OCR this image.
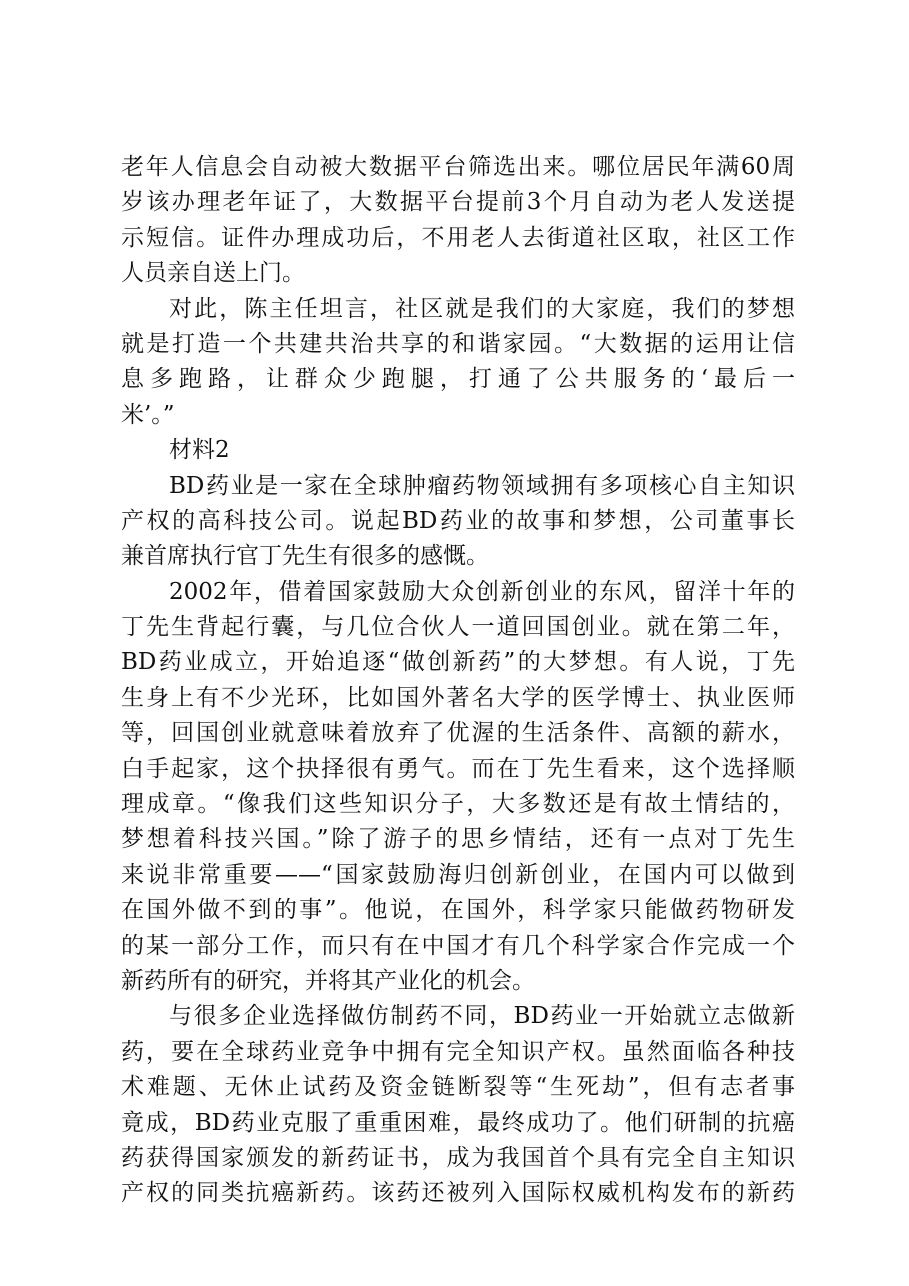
老年人信息会自动被大数据平台筛选出来。哪位居民年满60周
岁该办理老年证了，大数据平台提前3个月自动为老人发送提
示短信。证件办理成功后，不用老人去街道社区取，社区工作
人员亲自送上门。
对此，陈主任坦言，社区就是我们的大家庭，我们的梦想
就是打造一个共建共治共享的和谐家园。“大数据的运用让信
息多跑路，让群众少跑腿，打通了公共服务的‘最后一
米’。”
材料2
BD药业是一家在全球肿瘤药物领域拥有多项核心自主知识
产权的高科技公司。说起BD药业的故事和梦想，公司董事长
兼首席执行官丁先生有很多的感慨。
2002年，借着国家鼓励大众创新创业的东风，留洋十年的
丁先生背起行囊，与几位合伙人一道回国创业。就在第二年，
BD药业成立，开始追逐“做创新药”的大梦想。有人说，丁先
生身上有不少光环，比如国外著名大学的医学博士、执业医师
等，回国创业就意味着放弃了优渥的生活条件、高额的薪水，
白手起家，这个抉择很有勇气。而在丁先生看来，这个选择顺
理成章。“像我们这些知识分子，大多数还是有故土情结的，
梦想着科技兴国。”除了游子的思乡情结，还有一点对丁先生
来说非常重要——“国家鼓励海归创新创业，在国内可以做到
在国外做不到的事”。他说，在国外，科学家只能做药物研发
的某一部分工作，而只有在中国才有几个科学家合作完成一个
新药所有的研究，并将其产业化的机会。
与很多企业选择做仿制药不同，BD药业一开始就立志做新
药，要在全球药业竞争中拥有完全知识产权。虽然面临各种技
术难题、无休止试药及资金链断裂等“生死劫”，但有志者事
竟成，BD药业克服了重重困难，最终成功了。他们研制的抗癌
药获得国家颁发的新药证书，成为我国首个具有完全自主知识
产权的同类抗癌新药。该药还被列入国际权威机构发布的新药
